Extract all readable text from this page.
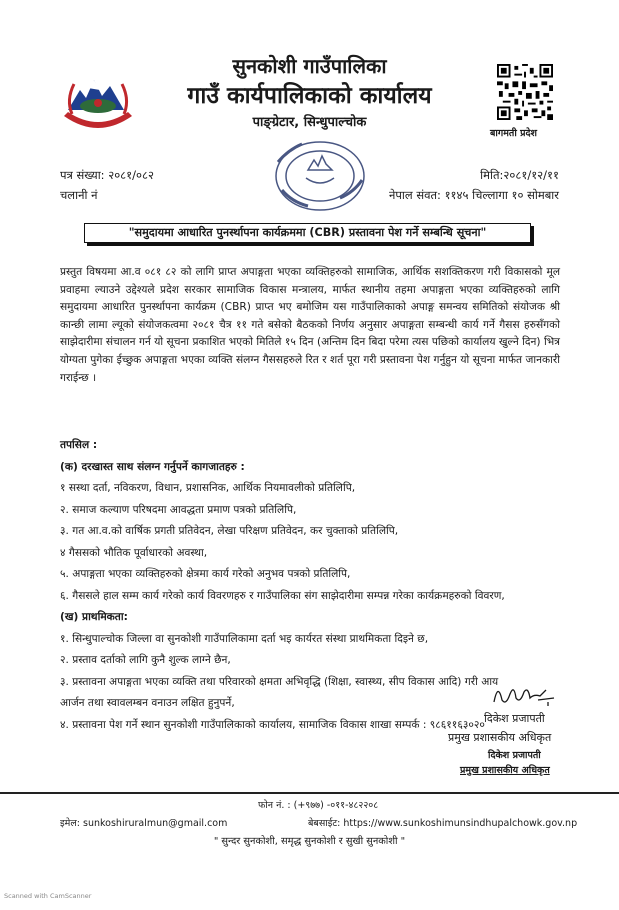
सुनकोशी गाउँपालिका
गाउँ कार्यपालिकाको कार्यालय
पाङ्ग्रेटार, सिन्धुपाल्चोक
बागमती प्रदेश
पत्र संख्या: २०८१/०८२
चलानी नं
मिति:२०८१/१२/११
नेपाल संवत: ११४५ चिल्लागा १० सोमबार
"समुदायमा आधारित पुनर्स्थापना कार्यक्रममा (CBR) प्रस्तावना पेश गर्ने सम्बन्धि सूचना"
प्रस्तुत विषयमा आ.व ०८१ ८२ को लागि प्राप्त अपाङ्गता भएका व्यक्तिहरुको सामाजिक, आर्थिक सशक्तिकरण गरी विकासको मूल प्रवाहमा ल्याउने उद्देश्यले प्रदेश सरकार सामाजिक विकास मन्त्रालय, मार्फत स्थानीय तहमा अपाङ्गता भएका व्यक्तिहरुको लागि समुदायमा आधारित पुनर्स्थापना कार्यक्रम (CBR) प्राप्त भए बमोजिम यस गाउँपालिकाको अपाङ्ग समन्वय समितिको संयोजक श्री कान्छी लामा ल्यूको संयोजकत्वमा २०८१ चैत्र ११ गते बसेको बैठकको निर्णय अनुसार अपाङ्गता सम्बन्धी कार्य गर्ने गैसस हरुसँगको साझेदारीमा संचालन गर्न यो सूचना प्रकाशित भएको मितिले १५ दिन (अन्तिम दिन बिदा परेमा त्यस पछिको कार्यालय खुल्ने दिन) भित्र योग्यता पुगेका ईच्छुक अपाङ्गता भएका व्यक्ति संलग्न गैससहरुले रित र शर्त पूरा गरी प्रस्तावना पेश गर्नुहुन यो सूचना मार्फत जानकारी गराईन्छ ।
तपसिल :
(क) दरखास्त साथ संलग्न गर्नुपर्ने कागजातहरु :
१ सस्था दर्ता, नविकरण, विधान, प्रशासनिक, आर्थिक नियमावलीको प्रतिलिपि,
२. समाज कल्याण परिषदमा आवद्धता प्रमाण पत्रको प्रतिलिपि,
३. गत आ.व.को वार्षिक प्रगती प्रतिवेदन, लेखा परिक्षण प्रतिवेदन, कर चुक्ताको प्रतिलिपि,
४ गैससको भौतिक पूर्वाधारको अवस्था,
५. अपाङ्गता भएका व्यक्तिहरुको क्षेत्रमा कार्य गरेको अनुभव पत्रको प्रतिलिपि,
६. गैससले हाल सम्म कार्य गरेको कार्य विवरणहरु र गाउँपालिका संग साझेदारीमा सम्पन्न गरेका कार्यक्रमहरुको विवरण,
(ख) प्राथमिकता:
१. सिन्धुपाल्चोक जिल्ला वा सुनकोशी गाउँपालिकामा दर्ता भइ कार्यरत संस्था प्राथमिकता दिइने छ,
२. प्रस्ताव दर्ताको लागि कुनै शुल्क लाग्ने छैन,
३. प्रस्तावना अपाङ्गता भएका व्यक्ति तथा परिवारको क्षमता अभिवृद्धि (शिक्षा, स्वास्थ्य, सीप विकास आदि) गरी आय
आर्जन तथा स्वावलम्बन वनाउन लक्षित हुनुपर्ने,
४. प्रस्तावना पेश गर्ने स्थान सुनकोशी गाउँपालिकाको कार्यालय, सामाजिक विकास शाखा सम्पर्क : ९८६११६३०२० दिकेश प्रजापती
प्रमुख प्रशासकीय अधिकृत
दिकेश प्रजापती
प्रमुख प्रशासकीय अधिकृत
फोन नं. : (+९७७) -०११-४८२२०८
इमेल: sunkoshiruralmun@gmail.com	बेबसाईट: https://www.sunkoshimunsindhupalchowk.gov.np
" सुन्दर सुनकोशी, समृद्ध सुनकोशी र सुखी सुनकोशी "
Scanned with CamScanner
